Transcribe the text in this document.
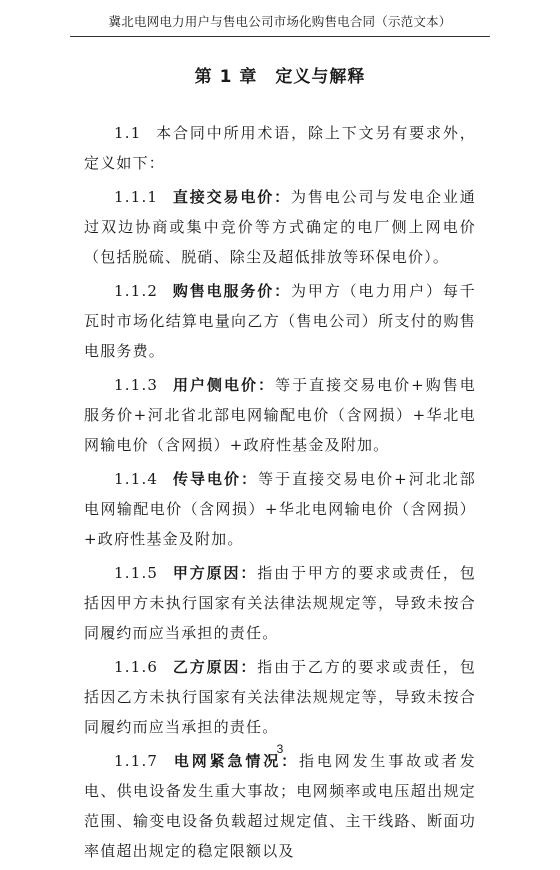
冀北电网电力用户与售电公司市场化购售电合同（示范文本）
第 1 章 定义与解释

1.1 本合同中所用术语，除上下文另有要求外，定义如下：

1.1.1 直接交易电价：为售电公司与发电企业通过双边协商或集中竞价等方式确定的电厂侧上网电价（包括脱硫、脱硝、除尘及超低排放等环保电价）。

1.1.2 购售电服务价：为甲方（电力用户）每千瓦时市场化结算电量向乙方（售电公司）所支付的购售电服务费。

1.1.3 用户侧电价：等于直接交易电价+购售电服务价+河北省北部电网输配电价（含网损）+华北电网输电价（含网损）+政府性基金及附加。

1.1.4 传导电价：等于直接交易电价+河北北部电网输配电价（含网损）+华北电网输电价（含网损）+政府性基金及附加。

1.1.5 甲方原因：指由于甲方的要求或责任，包括因甲方未执行国家有关法律法规规定等，导致未按合同履约而应当承担的责任。

1.1.6 乙方原因：指由于乙方的要求或责任，包括因乙方未执行国家有关法律法规规定等，导致未按合同履约而应当承担的责任。

1.1.7 电网紧急情况：指电网发生事故或者发电、供电设备发生重大事故；电网频率或电压超出规定范围、输变电设备负载超过规定值、主干线路、断面功率值超出规定的稳定限额以及

3
